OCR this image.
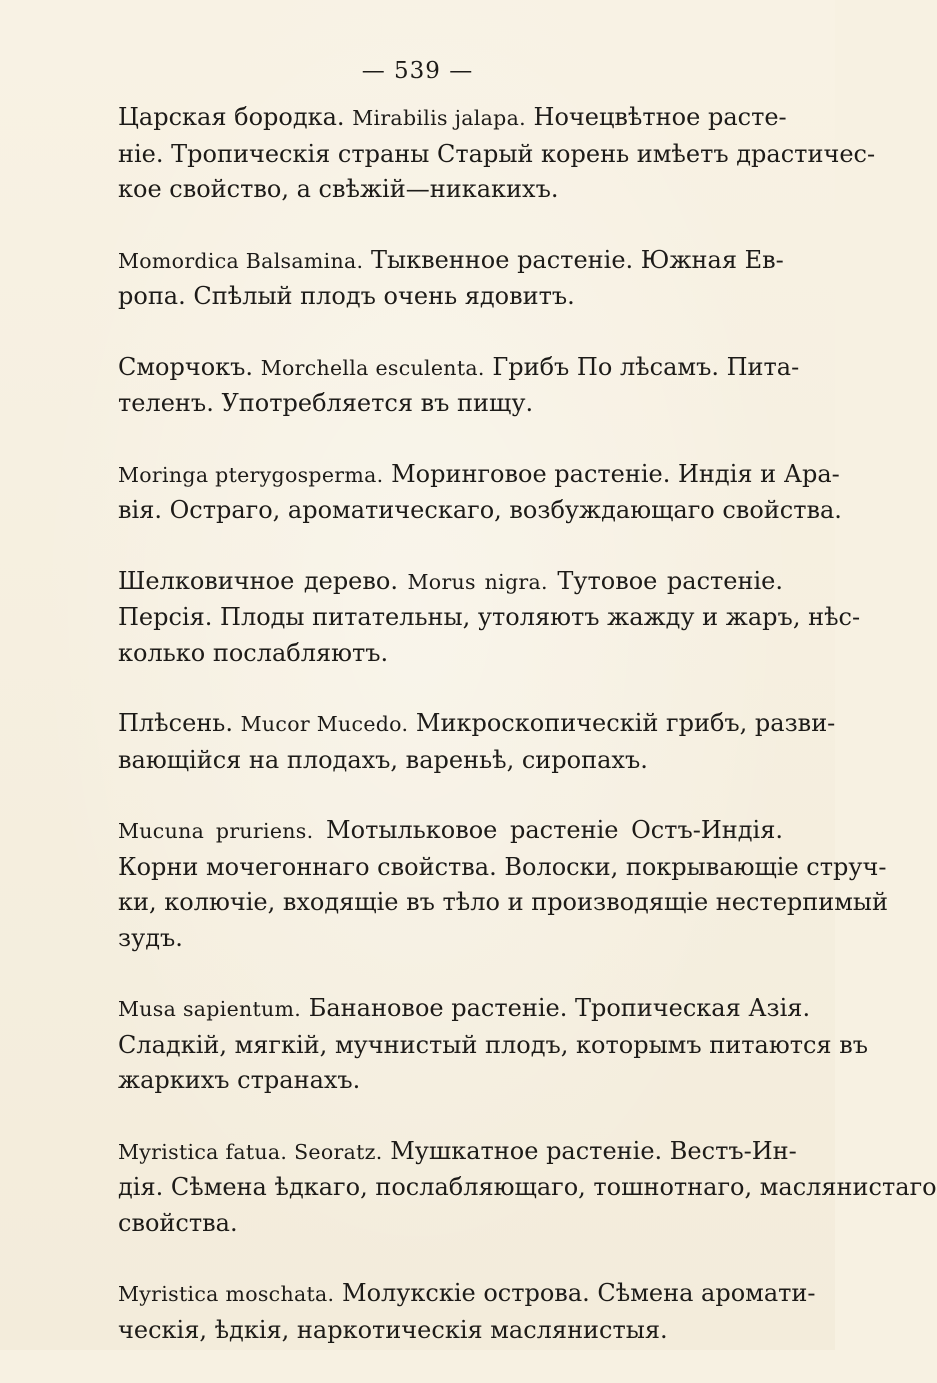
— 539 —
Царская бородка. Mirabilis jalapa. Ночецвѣтное расте-
ніе. Тропическія страны Старый корень имѣетъ драстичес-
кое свойство, а свѣжій—никакихъ.
Momordica Balsamina. Тыквенное растеніе. Южная Ев-
ропа. Спѣлый плодъ очень ядовитъ.
Сморчокъ. Morchella esculenta. Грибъ По лѣсамъ. Пита-
теленъ. Употребляется въ пищу.
Moringa pterygosperma. Моринговое растеніе. Индія и Ара-
вія. Остраго, ароматическаго, возбуждающаго свойства.
Шелковичное дерево. Morus nigra. Тутовое растеніе.
Персія. Плоды питательны, утоляютъ жажду и жаръ, нѣс-
колько послабляютъ.
Плѣсень. Mucor Mucedo. Микроскопическій грибъ, разви-
вающійся на плодахъ, вареньѣ, сиропахъ.
Mucuna pruriens. Мотыльковое растеніе Остъ-Индія.
Корни мочегоннаго свойства. Волоски, покрывающіе струч-
ки, колючіе, входящіе въ тѣло и производящіе нестерпимый
зудъ.
Musa sapientum. Банановое растеніе. Тропическая Азія.
Сладкій, мягкій, мучнистый плодъ, которымъ питаются въ
жаркихъ странахъ.
Myristica fatua. Seoratz. Мушкатное растеніе. Вестъ-Ин-
дія. Сѣмена ѣдкаго, послабляющаго, тошнотнаго, маслянистаго
свойства.
Myristica moschata. Молукскіе острова. Сѣмена аромати-
ческія, ѣдкія, наркотическія маслянистыя.
